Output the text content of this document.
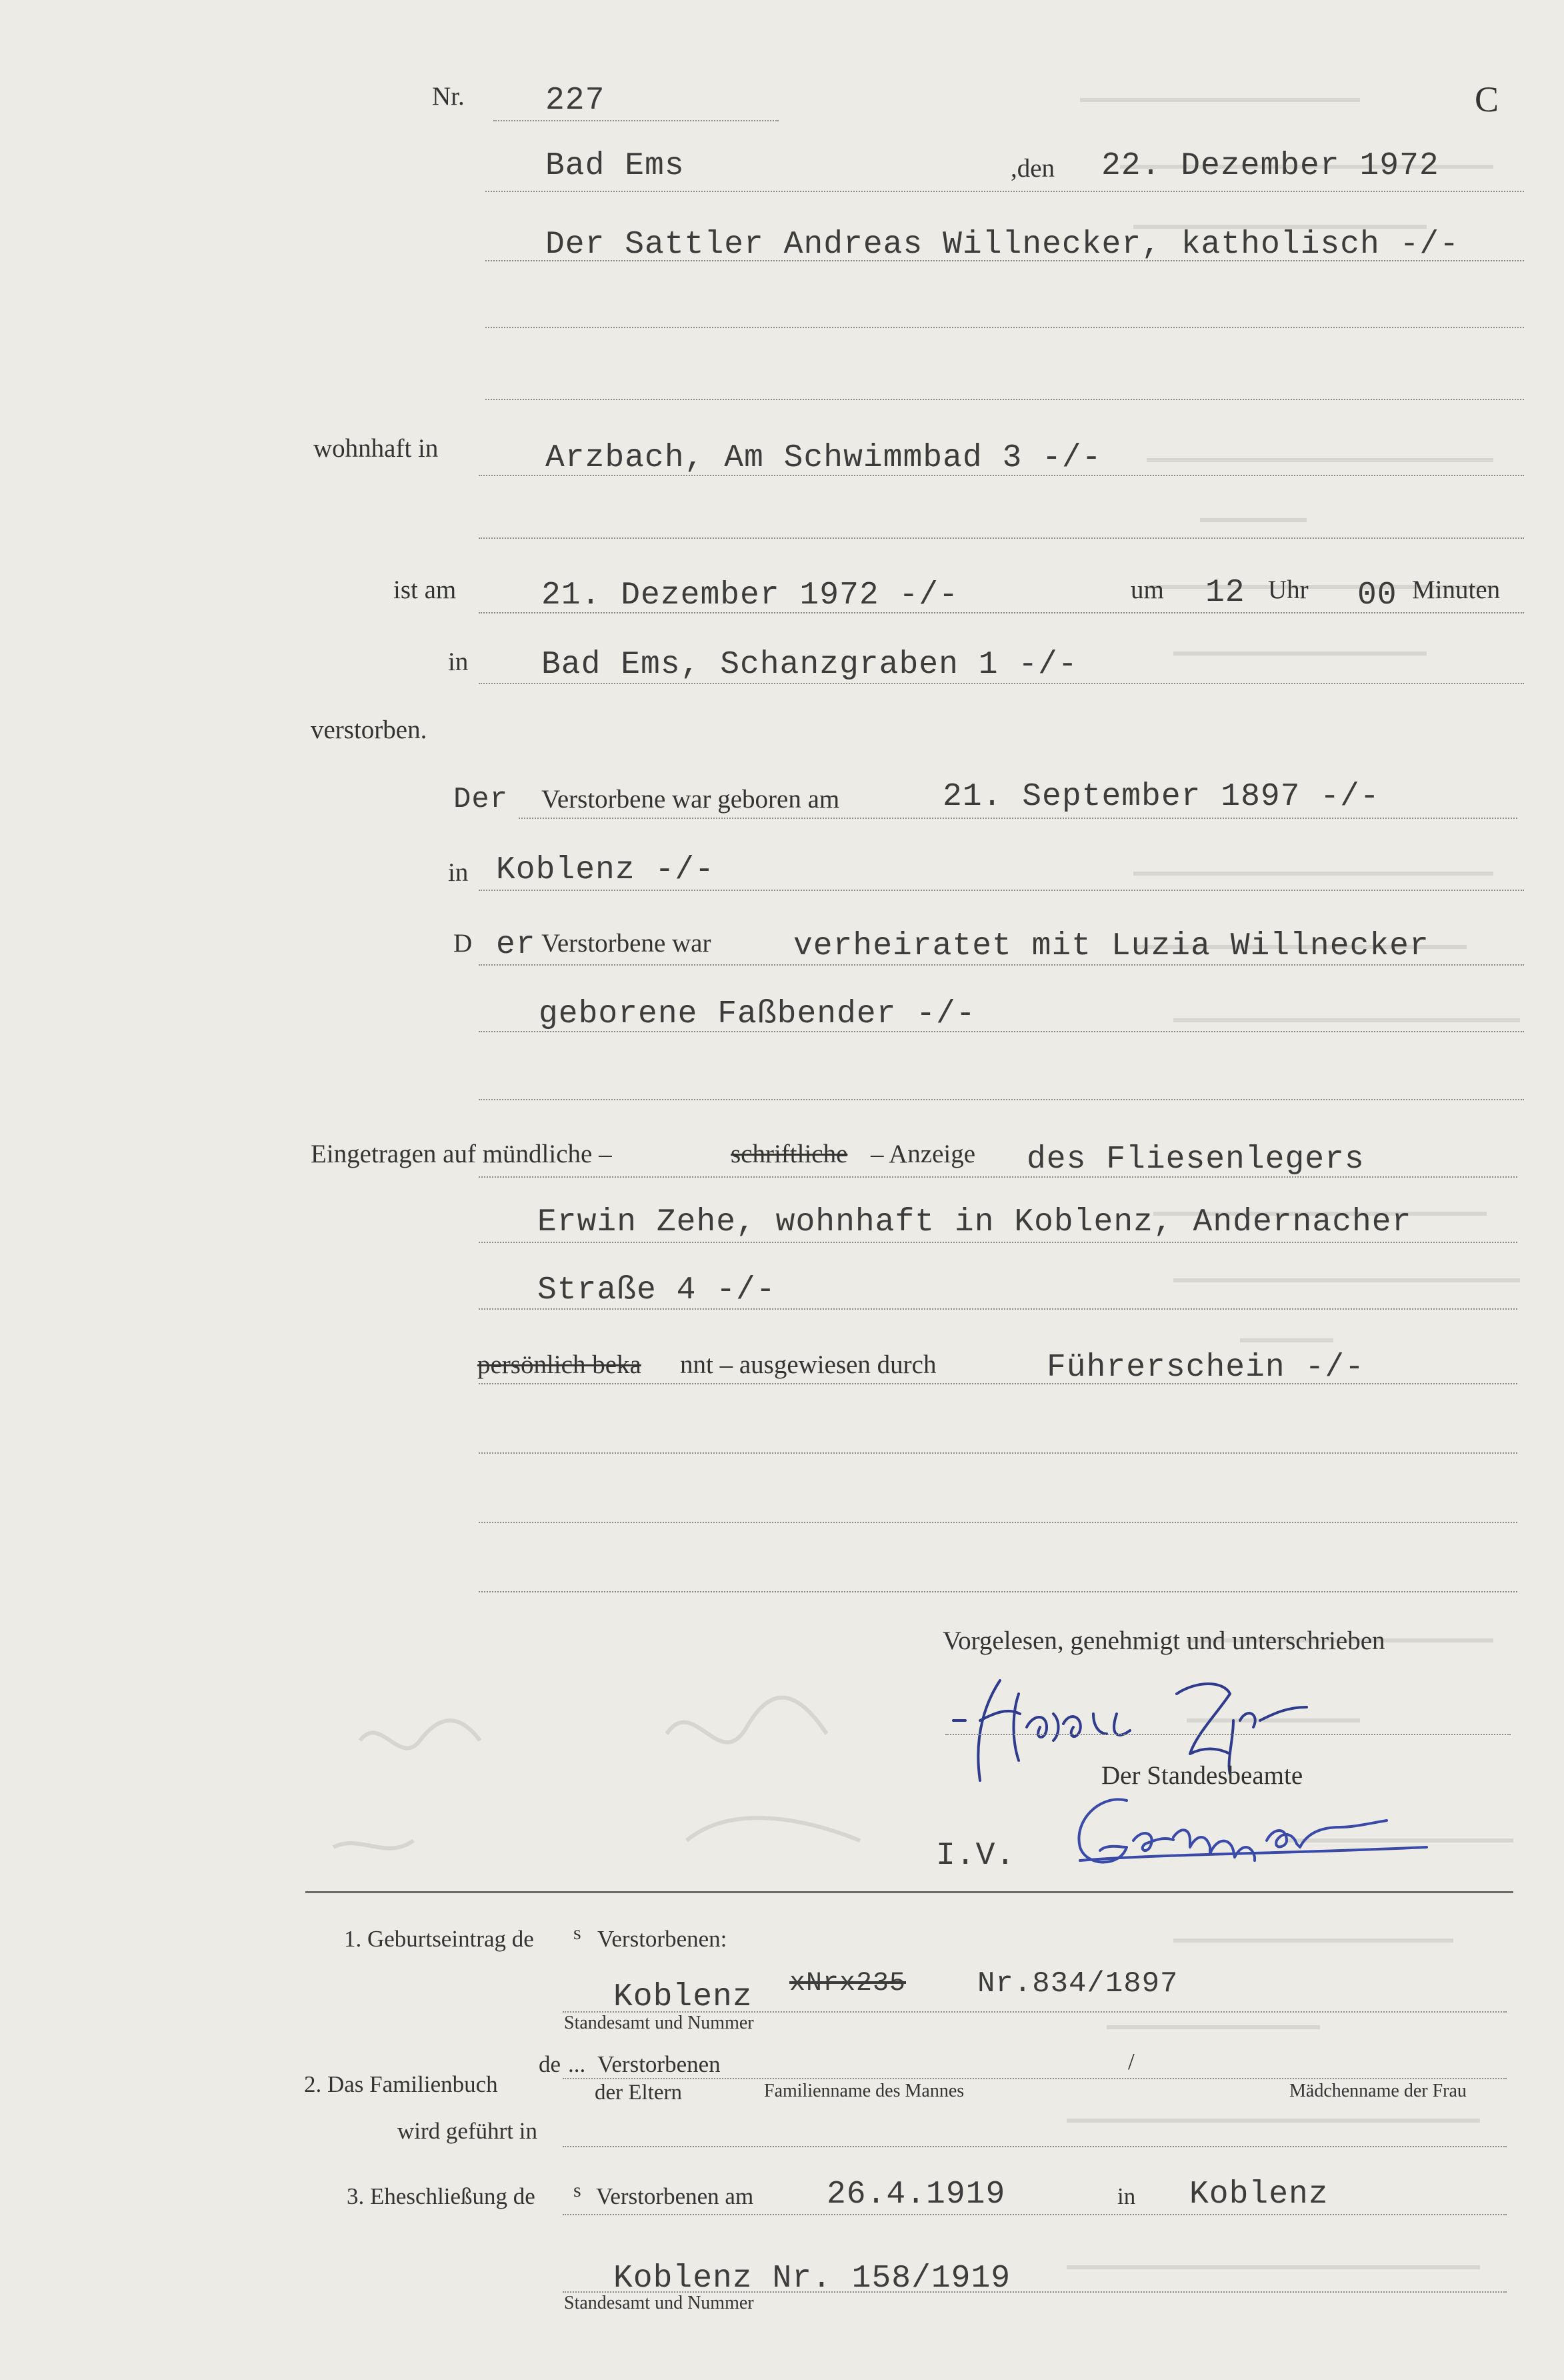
C
Nr.	227
Bad Ems	,den 22. Dezember 1972
Der Sattler Andreas Willnecker, katholisch -/-
wohnhaft in	Arzbach, Am Schwimmbad 3 -/-
ist am	21. Dezember 1972 -/-	um 12 Uhr 00 Minuten
in Bad Ems, Schanzgraben 1 -/-
verstorben.
Der Verstorbene war geboren am	21. September 1897 -/-
in Koblenz -/-
D er Verstorbene war	verheiratet mit Luzia Willnecker
geborene Faßbender -/-
Eingetragen auf mündliche –	schriftliche – Anzeige des Fliesenlegers
Erwin Zehe, wohnhaft in Koblenz, Andernacher
Straße 4 -/-
persönlich beka nnt – ausgewiesen durch	Führerschein -/-
Vorgelesen, genehmigt und unterschrieben
Der Standesbeamte
I.V.
1. Geburtseintrag de s Verstorbenen:
Koblenz xNrx235 Nr.834/1897
Standesamt und Nummer
2. Das Familienbuch
de ... Verstorbenen	/
der Eltern	Familienname des Mannes	Mädchenname der Frau
wird geführt in
3. Eheschließung de s Verstorbenen am 26.4.1919	in Koblenz
Koblenz Nr. 158/1919
Standesamt und Nummer
